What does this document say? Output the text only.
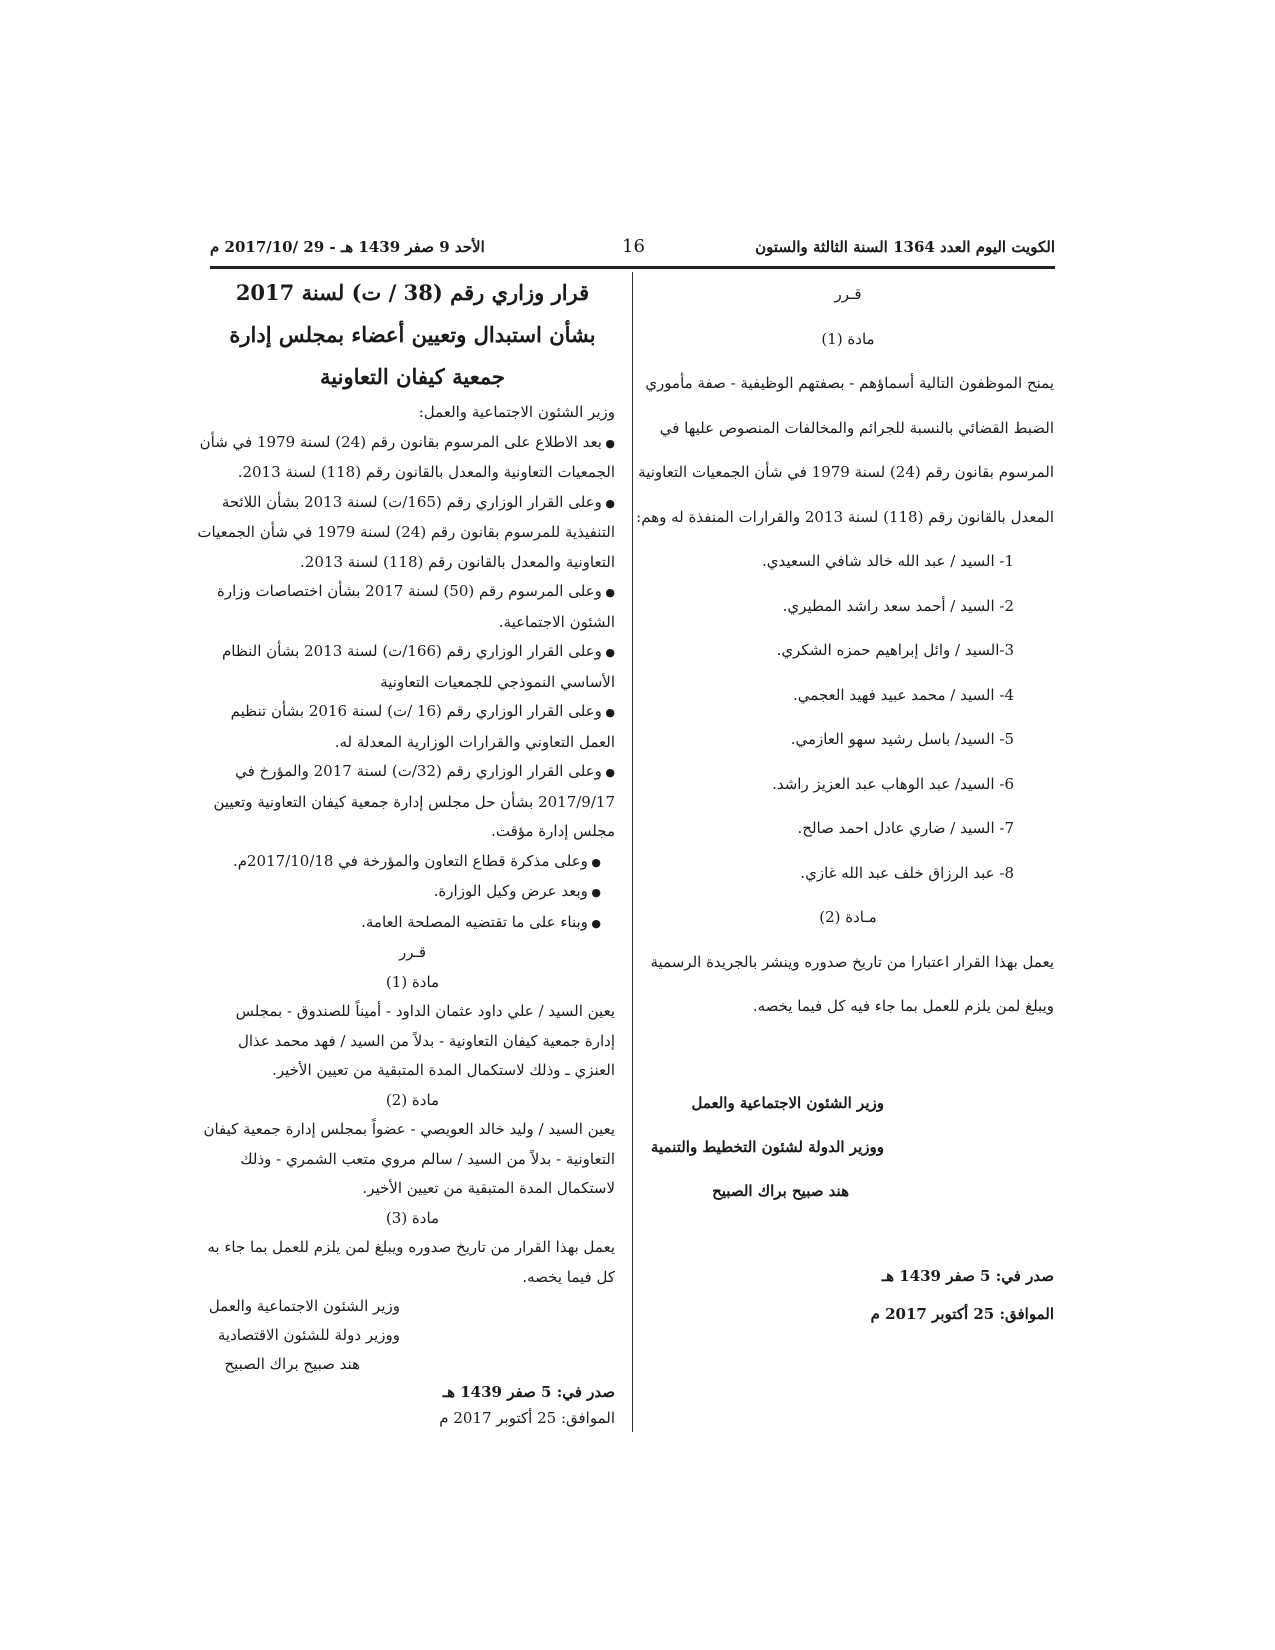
الكويت اليوم العدد 1364 السنة الثالثة والستون
16
الأحد 9 صفر 1439 هـ - 29 /2017/10 م
قـرر
مادة (1)
يمنح الموظفون التالية أسماؤهم - بصفتهم الوظيفية - صفة مأموري
الضبط القضائي بالنسبة للجرائم والمخالفات المنصوص عليها في
المرسوم بقانون رقم (24) لسنة 1979 في شأن الجمعيات التعاونية
المعدل بالقانون رقم (118) لسنة 2013 والقرارات المنفذة له وهم:
1- السيد / عبد الله خالد شافي السعيدي.
2- السيد / أحمد سعد راشد المطيري.
3-السيد / وائل إبراهيم حمزه الشكري.
4- السيد / محمد عبيد فهيد العجمي.
5- السيد/ باسل رشيد سهو العازمي.
6- السيد/ عبد الوهاب عبد العزيز راشد.
7- السيد / ضاري عادل احمد صالح.
8- عبد الرزاق خلف عبد الله غازي.
مـادة (2)
يعمل بهذا القرار اعتبارا من تاريخ صدوره وينشر بالجريدة الرسمية
ويبلغ لمن يلزم للعمل بما جاء فيه كل فيما يخصه.
وزير الشئون الاجتماعية والعمل
ووزير الدولة لشئون التخطيط والتنمية
هند صبيح براك الصبيح
صدر في: 5 صفر 1439 هـ
الموافق: 25 أكتوبر 2017 م
قرار وزاري رقم (38 / ت) لسنة 2017
بشأن استبدال وتعيين أعضاء بمجلس إدارة
جمعية كيفان التعاونية
وزير الشئون الاجتماعية والعمل:
● بعد الاطلاع على المرسوم بقانون رقم (24) لسنة 1979 في شأن
الجمعيات التعاونية والمعدل بالقانون رقم (118) لسنة 2013.
● وعلى القرار الوزاري رقم (165/ت) لسنة 2013 بشأن اللائحة
التنفيذية للمرسوم بقانون رقم (24) لسنة 1979 في شأن الجمعيات
التعاونية والمعدل بالقانون رقم (118) لسنة 2013.
● وعلى المرسوم رقم (50) لسنة 2017 بشأن اختصاصات وزارة
الشئون الاجتماعية.
● وعلى القرار الوزاري رقم (166/ت) لسنة 2013 بشأن النظام
الأساسي النموذجي للجمعيات التعاونية
● وعلى القرار الوزاري رقم (16 /ت) لسنة 2016 بشأن تنظيم
العمل التعاوني والقرارات الوزارية المعدلة له.
● وعلى القرار الوزاري رقم (32/ت) لسنة 2017 والمؤرخ في
2017/9/17 بشأن حل مجلس إدارة جمعية كيفان التعاونية وتعيين
مجلس إدارة مؤقت.
● وعلى مذكرة قطاع التعاون والمؤرخة في 2017/10/18م.
● وبعد عرض وكيل الوزارة.
● وبناء على ما تقتضيه المصلحة العامة.
قـرر
مادة (1)
يعين السيد / علي داود عثمان الداود - أميناً للصندوق - بمجلس
إدارة جمعية كيفان التعاونية - بدلاً من السيد / فهد محمد عذال
العنزي ـ وذلك لاستكمال المدة المتبقية من تعيين الأخير.
مادة (2)
يعين السيد / وليد خالد العويصي - عضواً بمجلس إدارة جمعية كيفان
التعاونية - بدلاً من السيد / سالم مروي متعب الشمري - وذلك
لاستكمال المدة المتبقية من تعيين الأخير.
مادة (3)
يعمل بهذا القرار من تاريخ صدوره ويبلغ لمن يلزم للعمل بما جاء به
كل فيما يخصه.
وزير الشئون الاجتماعية والعمل
ووزير دولة للشئون الاقتصادية
هند صبيح براك الصبيح
صدر في: 5 صفر 1439 هـ
الموافق: 25 أكتوبر 2017 م
